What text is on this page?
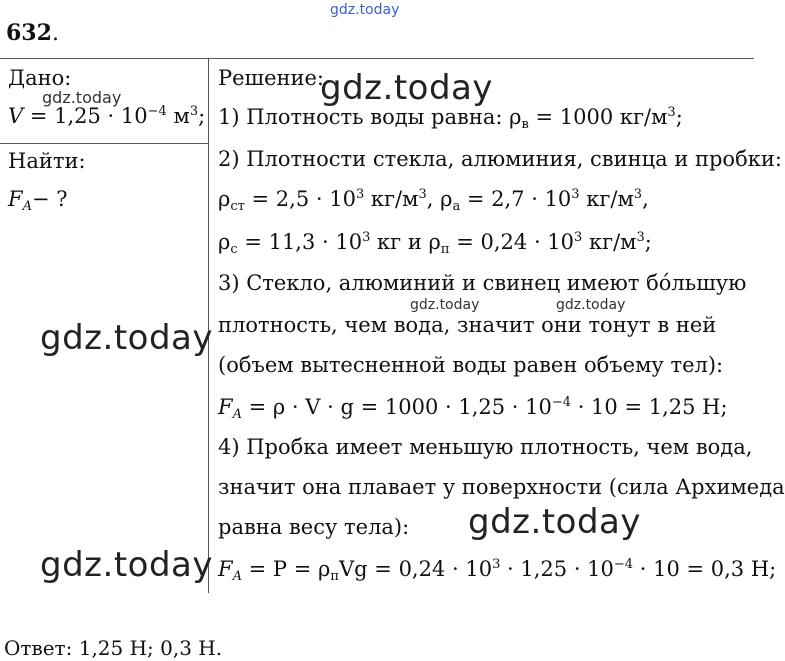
gdz.today
632.
Дано:
gdz.today
$V = 1,25 \cdot 10^{-4}$ $м^3$;
Найти:
$F_A-$ ?
Решение:
1) Плотность воды равна: $\rho_в = 1000$ $кг/м^3$;
2) Плотности стекла, алюминия, свинца и пробки:
$\rho_{ст} = 2,5 \cdot 10^3$ $кг/м^3$, $\rho_а = 2,7 \cdot 10^3$ $кг/м^3$,
$\rho_с = 11,3 \cdot 10^3$ кг и $\rho_п = 0,24 \cdot 10^3$ $кг/м^3$;
3) Стекло, алюминий и свинец имеют бóльшую
gdz.today	gdz.today
плотность, чем вода, значит они тонут в ней
(объем вытесненной воды равен объему тел):
$F_A = \rho \cdot V \cdot g = 1000 \cdot 1,25 \cdot 10^{-4} \cdot 10 = 1,25$ Н;
4) Пробка имеет меньшую плотность, чем вода,
значит она плавает у поверхности (сила Архимеда
равна весу тела):
$F_A = P = \rho_пVg = 0,24 \cdot 10^3 \cdot 1,25 \cdot 10^{-4} \cdot 10 = 0,3$ Н;
Ответ: 1,25 Н; 0,3 Н.
gdz.today
gdz.today
gdz.today
gdz.today
